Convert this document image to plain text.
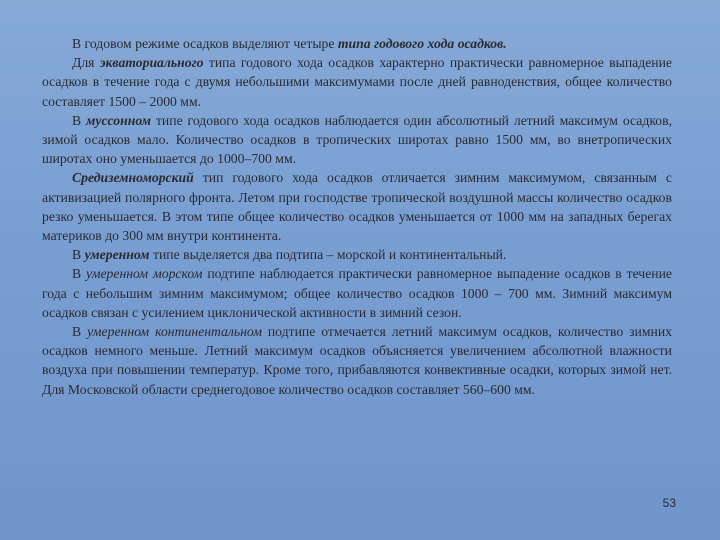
В годовом режиме осадков выделяют четыре типа годового хода осадков.

Для экваториального типа годового хода осадков характерно практически равномерное выпадение осадков в течение года с двумя небольшими максимумами после дней равноденствия, общее количество составляет 1500 – 2000 мм.

В муссонном типе годового хода осадков наблюдается один абсолютный летний максимум осадков, зимой осадков мало. Количество осадков в тропических широтах равно 1500 мм, во внетропических широтах оно уменьшается до 1000–700 мм.

Средиземноморский тип годового хода осадков отличается зимним максимумом, связанным с активизацией полярного фронта. Летом при господстве тропической воздушной массы количество осадков резко уменьшается. В этом типе общее количество осадков уменьшается от 1000 мм на западных берегах материков до 300 мм внутри континента.

В умеренном типе выделяется два подтипа – морской и континентальный.

В умеренном морском подтипе наблюдается практически равномерное выпадение осадков в течение года с небольшим зимним максимумом; общее количество осадков 1000 – 700 мм. Зимний максимум осадков связан с усилением циклонической активности в зимний сезон.

В умеренном континентальном подтипе отмечается летний максимум осадков, количество зимних осадков немного меньше. Летний максимум осадков объясняется увеличением абсолютной влажности воздуха при повышении температур. Кроме того, прибавляются конвективные осадки, которых зимой нет. Для Московской области среднегодовое количество осадков составляет 560–600 мм.

53
